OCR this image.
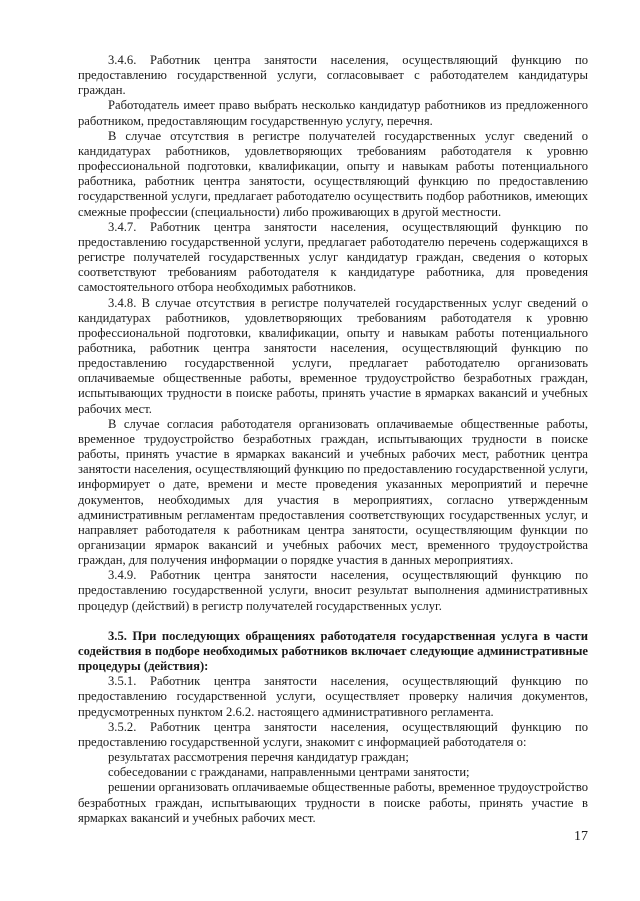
3.4.6. Работник центра занятости населения, осуществляющий функцию по предоставлению государственной услуги, согласовывает с работодателем кандидатуры граждан.

Работодатель имеет право выбрать несколько кандидатур работников из предложенного работником, предоставляющим государственную услугу, перечня.

В случае отсутствия в регистре получателей государственных услуг сведений о кандидатурах работников, удовлетворяющих требованиям работодателя к уровню профессиональной подготовки, квалификации, опыту и навыкам работы потенциального работника, работник центра занятости, осуществляющий функцию по предоставлению государственной услуги, предлагает работодателю осуществить подбор работников, имеющих смежные профессии (специальности) либо проживающих в другой местности.

3.4.7. Работник центра занятости населения, осуществляющий функцию по предоставлению государственной услуги, предлагает работодателю перечень содержащихся в регистре получателей государственных услуг кандидатур граждан, сведения о которых соответствуют требованиям работодателя к кандидатуре работника, для проведения самостоятельного отбора необходимых работников.

3.4.8. В случае отсутствия в регистре получателей государственных услуг сведений о кандидатурах работников, удовлетворяющих требованиям работодателя к уровню профессиональной подготовки, квалификации, опыту и навыкам работы потенциального работника, работник центра занятости населения, осуществляющий функцию по предоставлению государственной услуги, предлагает работодателю организовать оплачиваемые общественные работы, временное трудоустройство безработных граждан, испытывающих трудности в поиске работы, принять участие в ярмарках вакансий и учебных рабочих мест.

В случае согласия работодателя организовать оплачиваемые общественные работы, временное трудоустройство безработных граждан, испытывающих трудности в поиске работы, принять участие в ярмарках вакансий и учебных рабочих мест, работник центра занятости населения, осуществляющий функцию по предоставлению государственной услуги, информирует о дате, времени и месте проведения указанных мероприятий и перечне документов, необходимых для участия в мероприятиях, согласно утвержденным административным регламентам предоставления соответствующих государственных услуг, и направляет работодателя к работникам центра занятости, осуществляющим функции по организации ярмарок вакансий и учебных рабочих мест, временного трудоустройства граждан, для получения информации о порядке участия в данных мероприятиях.

3.4.9. Работник центра занятости населения, осуществляющий функцию по предоставлению государственной услуги, вносит результат выполнения административных процедур (действий) в регистр получателей государственных услуг.

3.5. При последующих обращениях работодателя государственная услуга в части содействия в подборе необходимых работников включает следующие административные процедуры (действия):

3.5.1. Работник центра занятости населения, осуществляющий функцию по предоставлению государственной услуги, осуществляет проверку наличия документов, предусмотренных пунктом 2.6.2. настоящего административного регламента.

3.5.2. Работник центра занятости населения, осуществляющий функцию по предоставлению государственной услуги, знакомит с информацией работодателя о:

результатах рассмотрения перечня кандидатур граждан;

собеседовании с гражданами, направленными центрами занятости;

решении организовать оплачиваемые общественные работы, временное трудоустройство безработных граждан, испытывающих трудности в поиске работы, принять участие в ярмарках вакансий и учебных рабочих мест.

17
